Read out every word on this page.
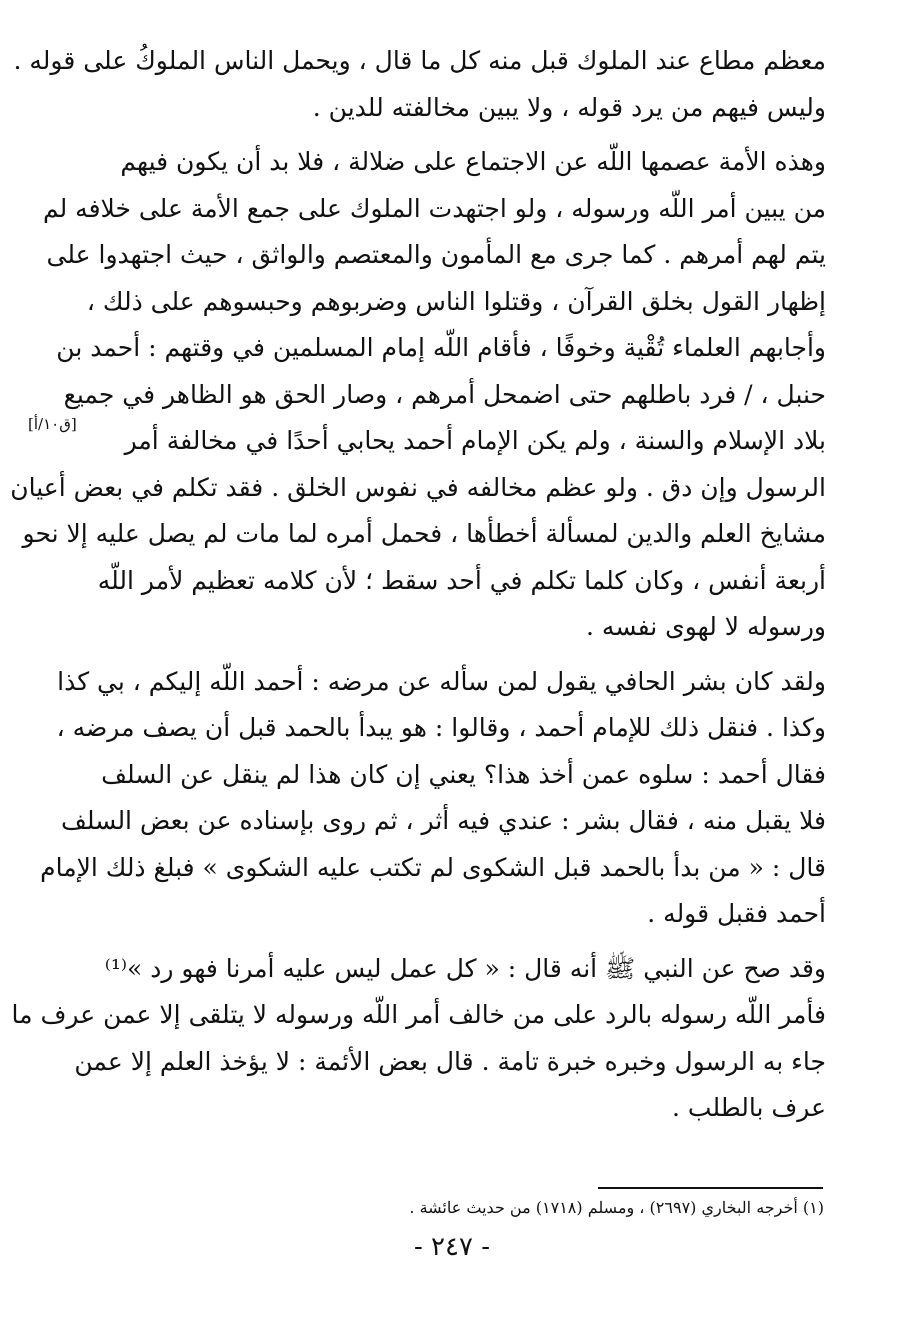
معظم مطاع عند الملوك قبل منه كل ما قال ، ويحمل الناس الملوكُ على قوله .
وليس فيهم من يرد قوله ، ولا يبين مخالفته للدين .
وهذه الأمة عصمها اللّه عن الاجتماع على ضلالة ، فلا بد أن يكون فيهم
من يبين أمر اللّه ورسوله ، ولو اجتهدت الملوك على جمع الأمة على خلافه لم
يتم لهم أمرهم . كما جرى مع المأمون والمعتصم والواثق ، حيث اجتهدوا على
إظهار القول بخلق القرآن ، وقتلوا الناس وضربوهم وحبسوهم على ذلك ،
وأجابهم العلماء تُقْية وخوفًا ، فأقام اللّه إمام المسلمين في وقتهم : أحمد بن
حنبل ، / فرد باطلهم حتى اضمحل أمرهم ، وصار الحق هو الظاهر في جميع
بلاد الإسلام والسنة ، ولم يكن الإمام أحمد يحابي أحدًا في مخالفة أمر
الرسول وإن دق . ولو عظم مخالفه في نفوس الخلق . فقد تكلم في بعض أعيان
مشايخ العلم والدين لمسألة أخطأها ، فحمل أمره لما مات لم يصل عليه إلا نحو
أربعة أنفس ، وكان كلما تكلم في أحد سقط ؛ لأن كلامه تعظيم لأمر اللّه
ورسوله لا لهوى نفسه .
ولقد كان بشر الحافي يقول لمن سأله عن مرضه : أحمد اللّه إليكم ، بي كذا
وكذا . فنقل ذلك للإمام أحمد ، وقالوا : هو يبدأ بالحمد قبل أن يصف مرضه ،
فقال أحمد : سلوه عمن أخذ هذا؟ يعني إن كان هذا لم ينقل عن السلف
فلا يقبل منه ، فقال بشر : عندي فيه أثر ، ثم روى بإسناده عن بعض السلف
قال : « من بدأ بالحمد قبل الشكوى لم تكتب عليه الشكوى » فبلغ ذلك الإمام
أحمد فقبل قوله .
وقد صح عن النبي ﷺ أنه قال : « كل عمل ليس عليه أمرنا فهو رد »⁽¹⁾
فأمر اللّه رسوله بالرد على من خالف أمر اللّه ورسوله لا يتلقى إلا عمن عرف ما
جاء به الرسول وخبره خبرة تامة . قال بعض الأئمة : لا يؤخذ العلم إلا عمن
عرف بالطلب .
[ق١٠/أ]
(١) أخرجه البخاري (٢٦٩٧) ، ومسلم (١٧١٨) من حديث عائشة .
- ٢٤٧ -
